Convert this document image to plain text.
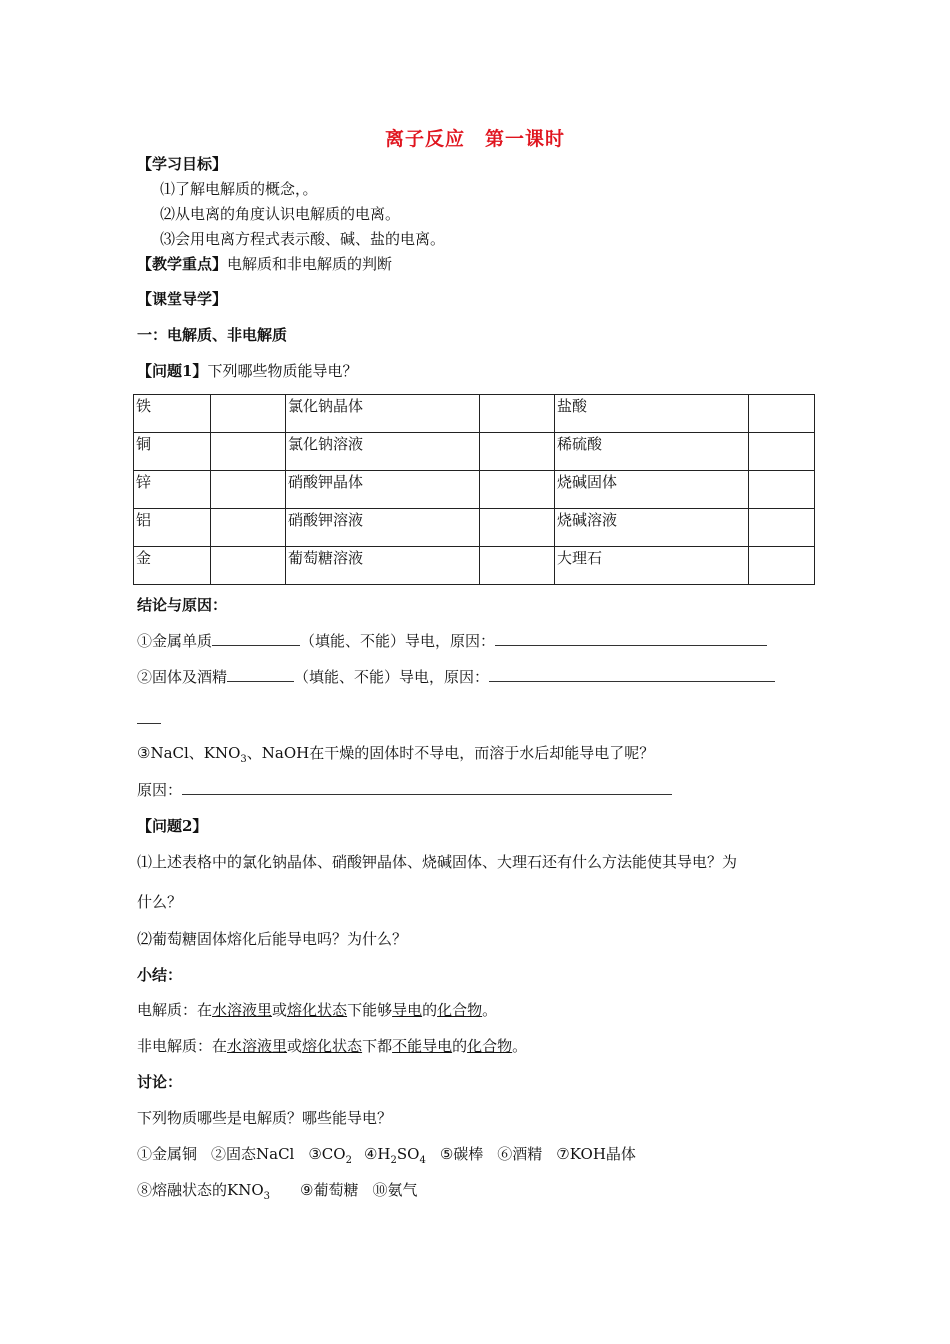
离子反应　第一课时
【学习目标】
⑴了解电解质的概念，。
⑵从电离的角度认识电解质的电离。
⑶会用电离方程式表示酸、碱、盐的电离。
【教学重点】电解质和非电解质的判断
【课堂导学】
一：电解质、非电解质
【问题1】下列哪些物质能导电？
铁		氯化钠晶体		盐酸	
铜		氯化钠溶液		稀硫酸	
锌		硝酸钾晶体		烧碱固体	
铝		硝酸钾溶液		烧碱溶液	
金		葡萄糖溶液		大理石	
结论与原因：
①金属单质	（填能、不能）导电，原因：
②固体及酒精	（填能、不能）导电，原因：
③NaCl、$KNO_3$、NaOH在干燥的固体时不导电，而溶于水后却能导电了呢？
原因：
【问题2】
⑴上述表格中的氯化钠晶体、硝酸钾晶体、烧碱固体、大理石还有什么方法能使其导电？为
什么？
⑵葡萄糖固体熔化后能导电吗？为什么？
小结：
电解质：在水溶液里或熔化状态下能够导电的化合物。
非电解质：在水溶液里或熔化状态下都不能导电的化合物。
讨论：
下列物质哪些是电解质？哪些能导电？
①金属铜 ②固态NaCl $③CO_2$ $④H_2SO_4$ ⑤碳棒 ⑥酒精 ⑦KOH晶体
⑧熔融状态的$KNO_3$ ⑨葡萄糖 ⑩氨气
